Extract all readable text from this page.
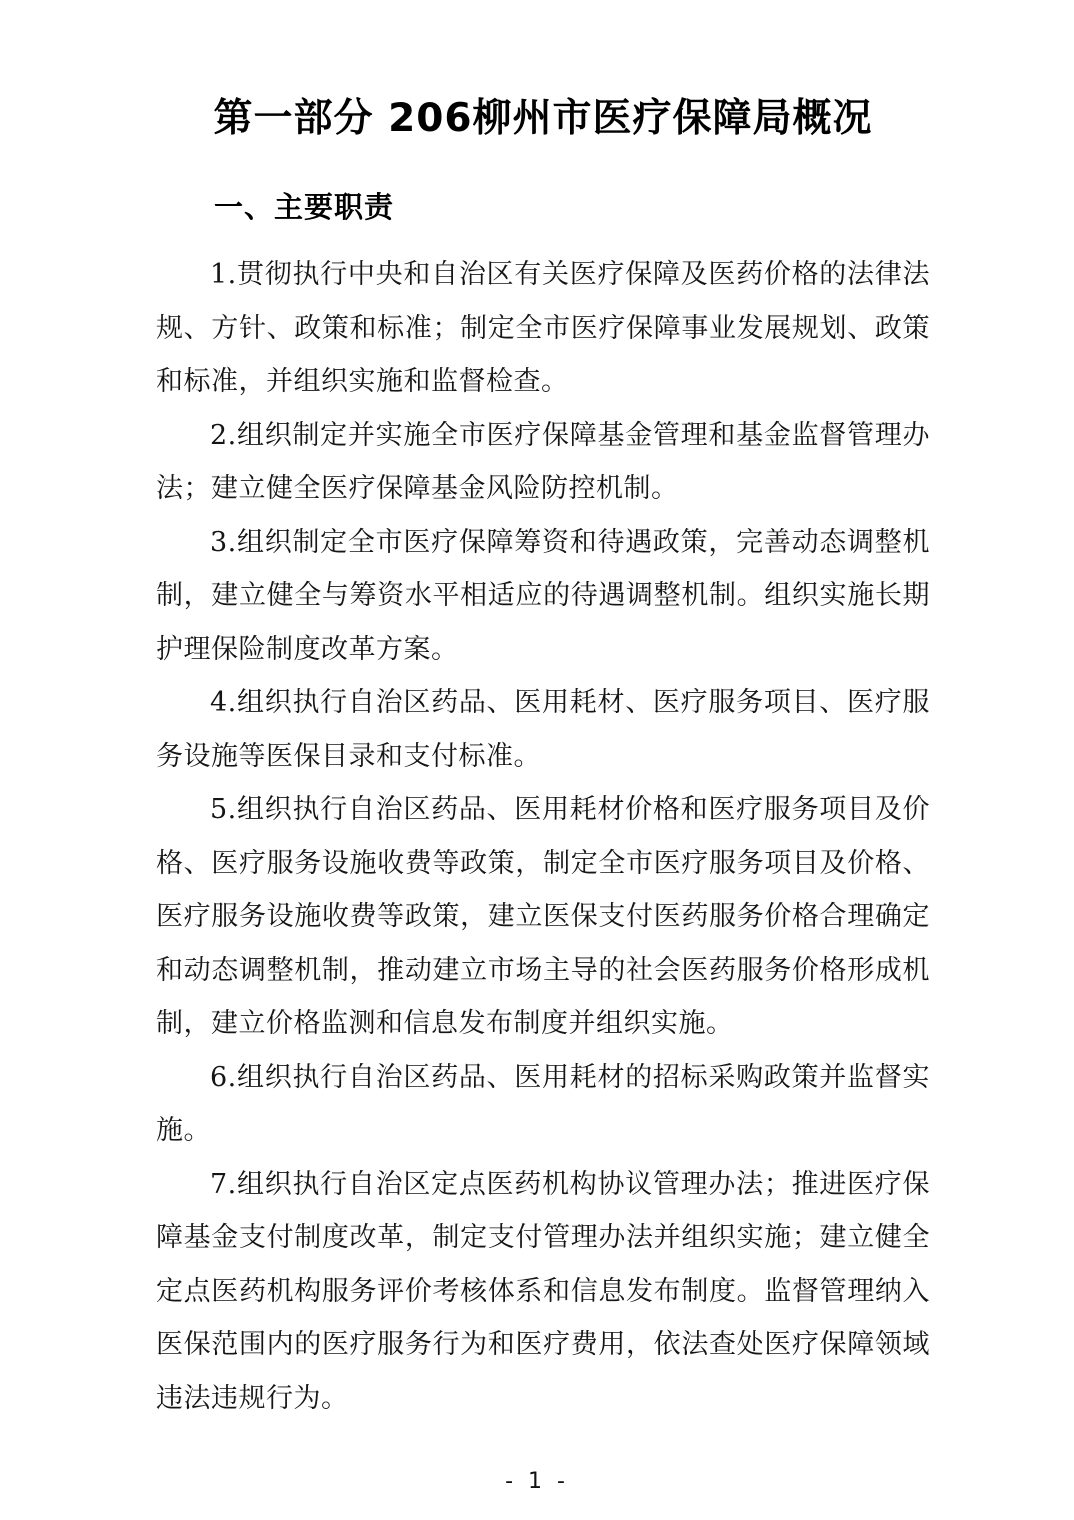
第一部分 206柳州市医疗保障局概况
一、主要职责

1.贯彻执行中央和自治区有关医疗保障及医药价格的法律法规、方针、政策和标准；制定全市医疗保障事业发展规划、政策和标准，并组织实施和监督检查。

2.组织制定并实施全市医疗保障基金管理和基金监督管理办法；建立健全医疗保障基金风险防控机制。

3.组织制定全市医疗保障筹资和待遇政策，完善动态调整机制，建立健全与筹资水平相适应的待遇调整机制。组织实施长期护理保险制度改革方案。

4.组织执行自治区药品、医用耗材、医疗服务项目、医疗服务设施等医保目录和支付标准。

5.组织执行自治区药品、医用耗材价格和医疗服务项目及价格、医疗服务设施收费等政策，制定全市医疗服务项目及价格、医疗服务设施收费等政策，建立医保支付医药服务价格合理确定和动态调整机制，推动建立市场主导的社会医药服务价格形成机制，建立价格监测和信息发布制度并组织实施。

6.组织执行自治区药品、医用耗材的招标采购政策并监督实施。

7.组织执行自治区定点医药机构协议管理办法；推进医疗保障基金支付制度改革，制定支付管理办法并组织实施；建立健全定点医药机构服务评价考核体系和信息发布制度。监督管理纳入医保范围内的医疗服务行为和医疗费用，依法查处医疗保障领域违法违规行为。

- 1 -
